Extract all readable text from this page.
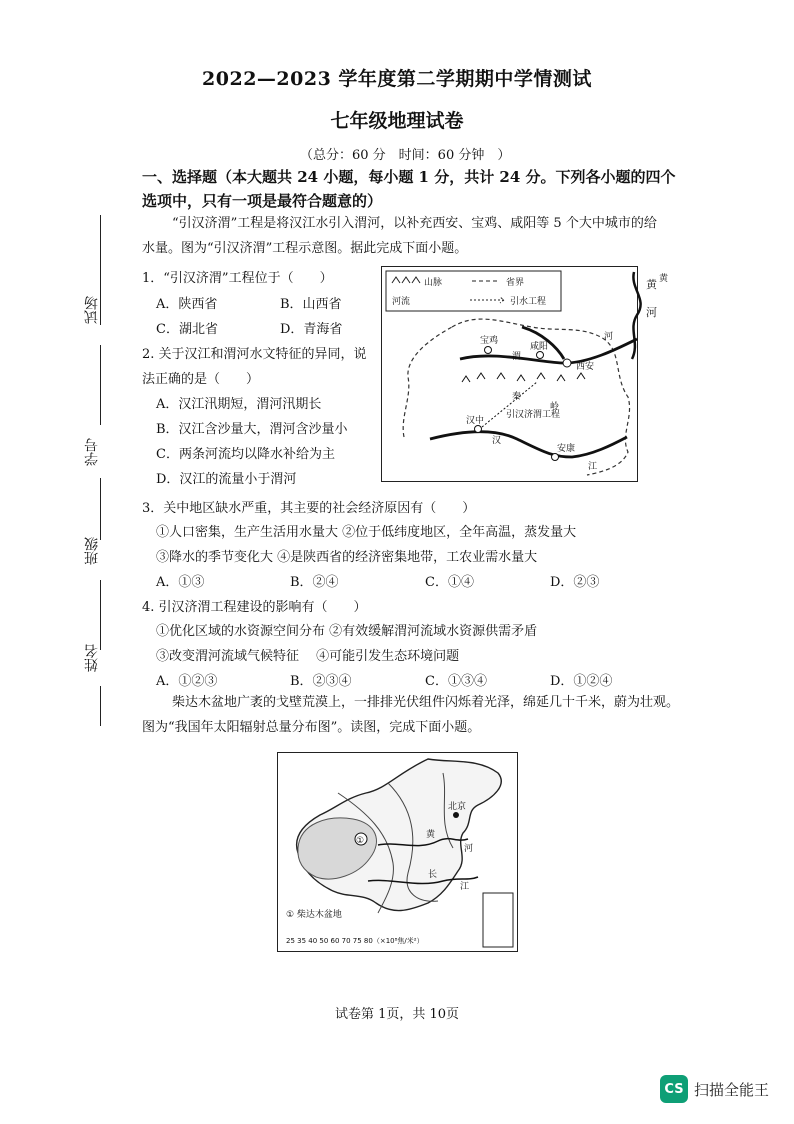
2022—2023 学年度第二学期期中学情测试
七年级地理试卷
（总分：60 分　时间：60 分钟　）
试场
学号
班级
姓名
一、选择题（本大题共 24 小题，每小题 1 分，共计 24 分。下列各小题的四个
选项中，只有一项是最符合题意的）
“引汉济渭”工程是将汉江水引入渭河，以补充西安、宝鸡、咸阳等 5 个大中城市的给
水量。图为“引汉济渭”工程示意图。据此完成下面小题。
1．“引汉济渭”工程位于（　　）
A．陕西省	B．山西省
C．湖北省	D．青海省
2. 关于汉江和渭河水文特征的异同，说
法正确的是（　　）
A．汉江汛期短，渭河汛期长
B．汉江含沙量大，渭河含沙量小
C．两条河流均以降水补给为主
D．汉江的流量小于渭河
山脉	省界
河流	引水工程
黄
渭
河
宝鸡
咸阳
西安
秦
岭
引汉济渭工程
汉中
汉
安康
江
黄
河
3．关中地区缺水严重，其主要的社会经济原因有（　　）
①人口密集，生产生活用水量大 ②位于低纬度地区，全年高温，蒸发量大
③降水的季节变化大 ④是陕西省的经济密集地带，工农业需水量大
A．①③	B．②④	C．①④	D．②③
4. 引汉济渭工程建设的影响有（　　）
①优化区域的水资源空间分布 ②有效缓解渭河流域水资源供需矛盾
③改变渭河流域气候特征　 ④可能引发生态环境问题
A．①②③	B．②③④	C．①③④	D．①②④
柴达木盆地广袤的戈壁荒漠上，一排排光伏组件闪烁着光泽，绵延几十千米，蔚为壮观。
图为“我国年太阳辐射总量分布图”。读图，完成下面小题。
①
北京
黄
河
长
江
① 柴达木盆地
25 35 40 50 60 70 75 80（×10⁸焦/米²）
试卷第 1页，共 10页
CS 扫描全能王
